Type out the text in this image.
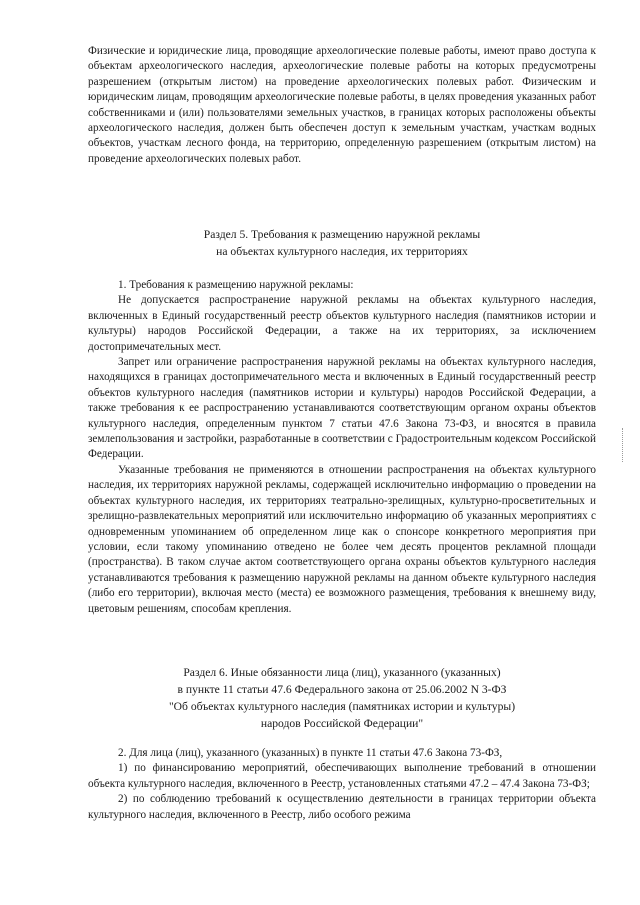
Физические и юридические лица, проводящие археологические полевые работы, имеют право доступа к объектам археологического наследия, археологические полевые работы на которых предусмотрены разрешением (открытым листом) на проведение археологических полевых работ. Физическим и юридическим лицам, проводящим археологические полевые работы, в целях проведения указанных работ собственниками и (или) пользователями земельных участков, в границах которых расположены объекты археологического наследия, должен быть обеспечен доступ к земельным участкам, участкам водных объектов, участкам лесного фонда, на территорию, определенную разрешением (открытым листом) на проведение археологических полевых работ.

Раздел 5. Требования к размещению наружной рекламы

на объектах культурного наследия, их территориях

1. Требования к размещению наружной рекламы:

Не допускается распространение наружной рекламы на объектах культурного наследия, включенных в Единый государственный реестр объектов культурного наследия (памятников истории и культуры) народов Российской Федерации, а также на их территориях, за исключением достопримечательных мест.

Запрет или ограничение распространения наружной рекламы на объектах культурного наследия, находящихся в границах достопримечательного места и включенных в Единый государственный реестр объектов культурного наследия (памятников истории и культуры) народов Российской Федерации, а также требования к ее распространению устанавливаются соответствующим органом охраны объектов культурного наследия, определенным пунктом 7 статьи 47.6 Закона 73-ФЗ, и вносятся в правила землепользования и застройки, разработанные в соответствии с Градостроительным кодексом Российской Федерации.

Указанные требования не применяются в отношении распространения на объектах культурного наследия, их территориях наружной рекламы, содержащей исключительно информацию о проведении на объектах культурного наследия, их территориях театрально-зрелищных, культурно-просветительных и зрелищно-развлекательных мероприятий или исключительно информацию об указанных мероприятиях с одновременным упоминанием об определенном лице как о спонсоре конкретного мероприятия при условии, если такому упоминанию отведено не более чем десять процентов рекламной площади (пространства). В таком случае актом соответствующего органа охраны объектов культурного наследия устанавливаются требования к размещению наружной рекламы на данном объекте культурного наследия (либо его территории), включая место (места) ее возможного размещения, требования к внешнему виду, цветовым решениям, способам крепления.

Раздел 6. Иные обязанности лица (лиц), указанного (указанных)

в пункте 11 статьи 47.6 Федерального закона от 25.06.2002 N 3-ФЗ

"Об объектах культурного наследия (памятниках истории и культуры)

народов Российской Федерации"

2. Для лица (лиц), указанного (указанных) в пункте 11 статьи 47.6 Закона 73-ФЗ,

1) по финансированию мероприятий, обеспечивающих выполнение требований в отношении объекта культурного наследия, включенного в Реестр, установленных статьями 47.2 – 47.4 Закона 73-ФЗ;

2) по соблюдению требований к осуществлению деятельности в границах территории объекта культурного наследия, включенного в Реестр, либо особого режима
